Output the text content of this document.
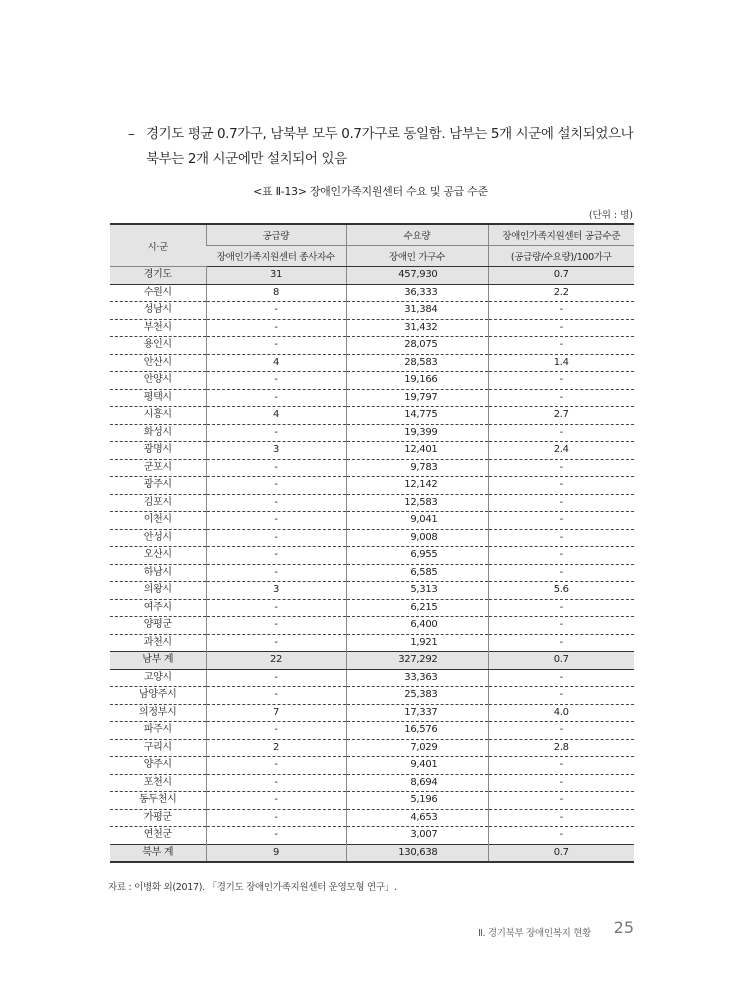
– 경기도 평균 0.7가구, 남북부 모두 0.7가구로 동일함. 남부는 5개 시군에 설치되었으나
북부는 2개 시군에만 설치되어 있음
<표 Ⅱ-13> 장애인가족지원센터 수요 및 공급 수준
(단위 : 명)
시·군	공급량	수요량	장애인가족지원센터 공급수준
	장애인가족지원센터 종사자수	장애인 가구수	(공급량/수요량)/100가구
경기도	31	457,930	0.7
수원시	8	36,333	2.2
성남시	-	31,384	-
부천시	-	31,432	-
용인시	-	28,075	-
안산시	4	28,583	1.4
안양시	-	19,166	-
평택시	-	19,797	-
시흥시	4	14,775	2.7
화성시	-	19,399	-
광명시	3	12,401	2.4
군포시	-	9,783	-
광주시	-	12,142	-
김포시	-	12,583	-
이천시	-	9,041	-
안성시	-	9,008	-
오산시	-	6,955	-
하남시	-	6,585	-
의왕시	3	5,313	5.6
여주시	-	6,215	-
양평군	-	6,400	-
과천시	-	1,921	-
남부 계	22	327,292	0.7
고양시	-	33,363	-
남양주시	-	25,383	-
의정부시	7	17,337	4.0
파주시	-	16,576	-
구리시	2	7,029	2.8
양주시	-	9,401	-
포천시	-	8,694	-
동두천시	-	5,196	-
가평군	-	4,653	-
연천군	-	3,007	-
북부 계	9	130,638	0.7
자료 : 이병화 외(2017). 「경기도 장애인가족지원센터 운영모형 연구」.
Ⅱ. 경기북부 장애인복지 현황 25
